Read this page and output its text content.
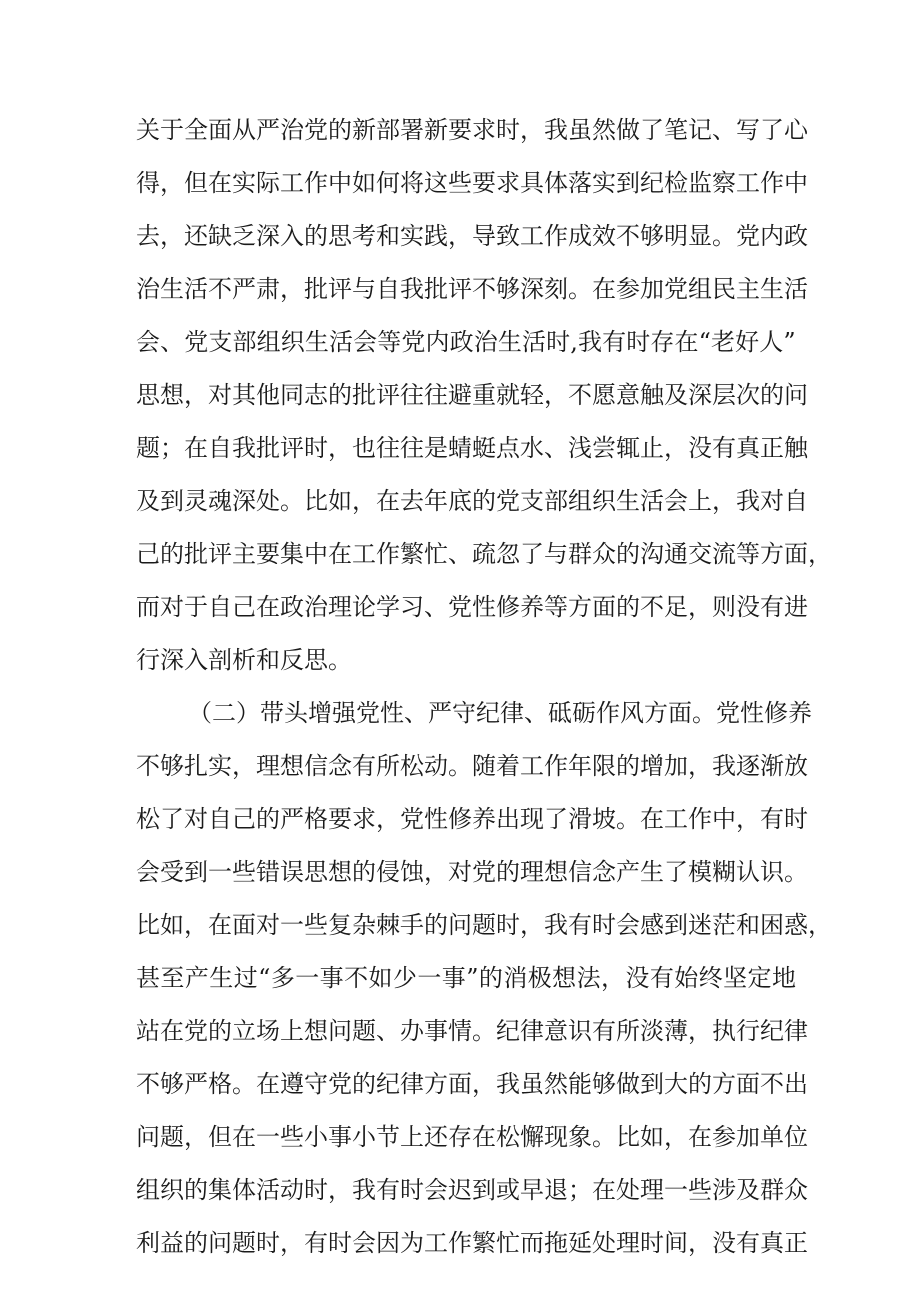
关 于 全 面 从 严 治 党 的 新 部 署 新 要 求 时 ， 我 虽 然 做 了 笔 记 、 写 了 心
得 ， 但 在 实 际 工 作 中 如 何 将 这 些 要 求 具 体 落 实 到 纪 检 监 察 工 作 中
去 ， 还 缺 乏 深 入 的 思 考 和 实 践 ， 导 致 工 作 成 效 不 够 明 显 。 党 内 政
治 生 活 不 严 肃 ， 批 评 与 自 我 批 评 不 够 深 刻 。 在 参 加 党 组 民 主 生 活
会 、 党 支 部 组 织 生 活 会 等 党 内 政 治 生 活 时 , 我 有 时 存 在 “ 老 好 人 ”
思 想 ， 对 其 他 同 志 的 批 评 往 往 避 重 就 轻 ， 不 愿 意 触 及 深 层 次 的 问
题 ； 在 自 我 批 评 时 ， 也 往 往 是 蜻 蜓 点 水 、 浅 尝 辄 止 ， 没 有 真 正 触
及 到 灵 魂 深 处 。 比 如 ， 在 去 年 底 的 党 支 部 组 织 生 活 会 上 ， 我 对 自
己 的 批 评 主 要 集 中 在 工 作 繁 忙 、 疏 忽 了 与 群 众 的 沟 通 交 流 等 方 面 ，
而 对 于 自 己 在 政 治 理 论 学 习 、 党 性 修 养 等 方 面 的 不 足 ， 则 没 有 进
行深入剖析和反思。
（ 二 ） 带 头 增 强 党 性 、 严 守 纪 律 、 砥 砺 作 风 方 面 。 党 性 修 养
不 够 扎 实 ， 理 想 信 念 有 所 松 动 。 随 着 工 作 年 限 的 增 加 ， 我 逐 渐 放
松 了 对 自 己 的 严 格 要 求 ， 党 性 修 养 出 现 了 滑 坡 。 在 工 作 中 ， 有 时
会 受 到 一 些 错 误 思 想 的 侵 蚀 ， 对 党 的 理 想 信 念 产 生 了 模 糊 认 识 。
比 如 ， 在 面 对 一 些 复 杂 棘 手 的 问 题 时 ， 我 有 时 会 感 到 迷 茫 和 困 惑 ，
甚 至 产 生 过 “ 多 一 事 不 如 少 一 事 ” 的 消 极 想 法 ， 没 有 始 终 坚 定 地
站 在 党 的 立 场 上 想 问 题 、 办 事 情 。 纪 律 意 识 有 所 淡 薄 ， 执 行 纪 律
不 够 严 格 。 在 遵 守 党 的 纪 律 方 面 ， 我 虽 然 能 够 做 到 大 的 方 面 不 出
问 题 ， 但 在 一 些 小 事 小 节 上 还 存 在 松 懈 现 象 。 比 如 ， 在 参 加 单 位
组 织 的 集 体 活 动 时 ， 我 有 时 会 迟 到 或 早 退 ； 在 处 理 一 些 涉 及 群 众
利 益 的 问 题 时 ， 有 时 会 因 为 工 作 繁 忙 而 拖 延 处 理 时 间 ， 没 有 真 正
